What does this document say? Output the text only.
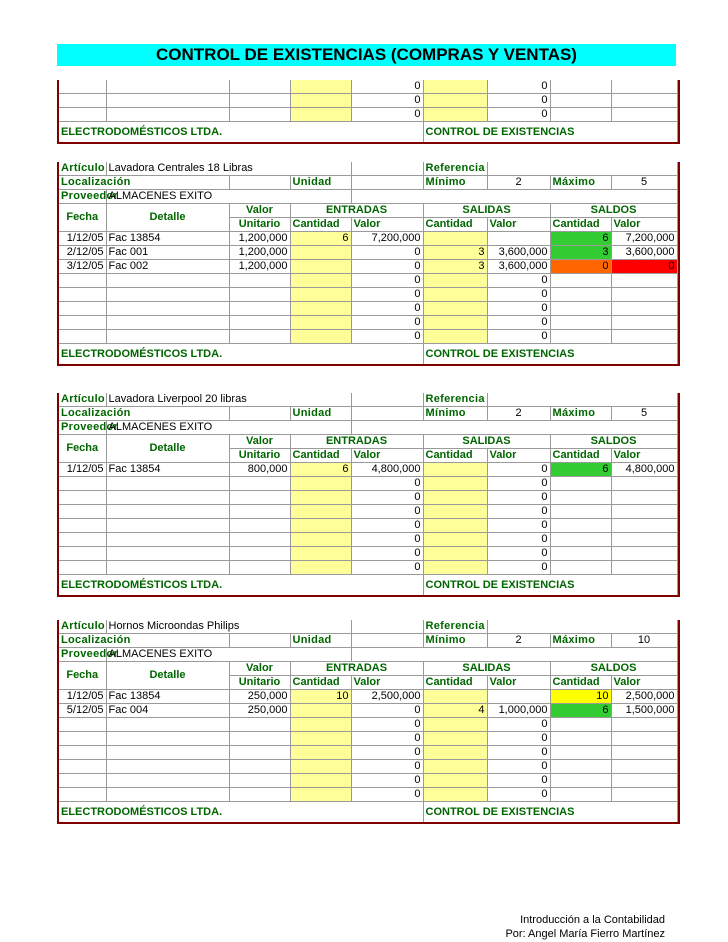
CONTROL DE EXISTENCIAS (COMPRAS Y VENTAS)
				0		0		
				0		0		
				0		0		
ELECTRODOMÉSTICOS LTDA.					CONTROL DE EXISTENCIAS			
Artículo	Lavadora Centrales 18 Libras				Referencia			
Localización			Unidad		Mínimo	2	Máximo	5
Proveedor	ALMACENES EXITO							
Fecha	Detalle	Valor	ENTRADAS		SALIDAS		SALDOS	
		Unitario	Cantidad	Valor	Cantidad	Valor	Cantidad	Valor
1/12/05	Fac 13854	1,200,000	6	7,200,000			6	7,200,000
2/12/05	Fac 001	1,200,000		0	3	3,600,000	3	3,600,000
3/12/05	Fac 002	1,200,000		0	3	3,600,000	0	0
				0		0		
				0		0		
				0		0		
				0		0		
				0		0		
ELECTRODOMÉSTICOS LTDA.					CONTROL DE EXISTENCIAS			
Artículo	Lavadora Liverpool 20 libras				Referencia			
Localización			Unidad		Mínimo	2	Máximo	5
Proveedor	ALMACENES EXITO							
Fecha	Detalle	Valor	ENTRADAS		SALIDAS		SALDOS	
		Unitario	Cantidad	Valor	Cantidad	Valor	Cantidad	Valor
1/12/05	Fac 13854	800,000	6	4,800,000		0	6	4,800,000
				0		0		
				0		0		
				0		0		
				0		0		
				0		0		
				0		0		
				0		0		
ELECTRODOMÉSTICOS LTDA.					CONTROL DE EXISTENCIAS			
Artículo	Hornos Microondas Philips				Referencia			
Localización			Unidad		Mínimo	2	Máximo	10
Proveedor	ALMACENES EXITO							
Fecha	Detalle	Valor	ENTRADAS		SALIDAS		SALDOS	
		Unitario	Cantidad	Valor	Cantidad	Valor	Cantidad	Valor
1/12/05	Fac 13854	250,000	10	2,500,000			10	2,500,000
5/12/05	Fac 004	250,000		0	4	1,000,000	6	1,500,000
				0		0		
				0		0		
				0		0		
				0		0		
				0		0		
				0		0		
ELECTRODOMÉSTICOS LTDA.					CONTROL DE EXISTENCIAS			
Introducción a la Contabilidad
Por: Angel María Fierro Martínez
